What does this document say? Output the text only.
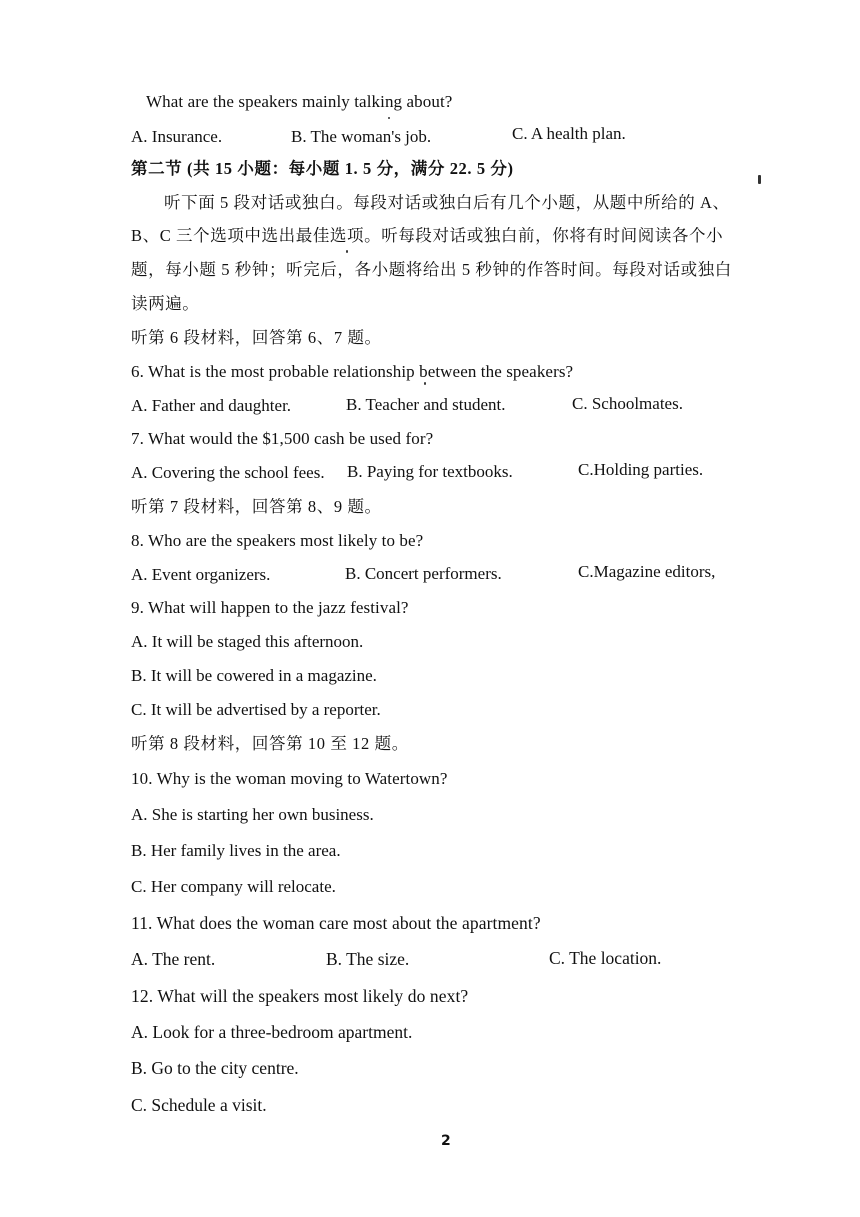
What are the speakers mainly talking about?
A. Insurance.	B. The woman's job.	C. A health plan.
第二节 (共 15 小题：每小题 1. 5 分，满分 22. 5 分)
听下面 5 段对话或独白。每段对话或独白后有几个小题，从题中所给的 A、
B、C 三个选项中选出最佳选项。听每段对话或独白前，你将有时间阅读各个小
题，每小题 5 秒钟；听完后，各小题将给出 5 秒钟的作答时间。每段对话或独白
读两遍。
听第 6 段材料，回答第 6、7 题。
6. What is the most probable relationship between the speakers?
A. Father and daughter.	B. Teacher and student.	C. Schoolmates.
7. What would the $1,500 cash be used for?
A. Covering the school fees. B. Paying for textbooks.	C.Holding parties.
听第 7 段材料，回答第 8、9 题。
8. Who are the speakers most likely to be?
A. Event organizers.	B. Concert performers.	C.Magazine editors,
9. What will happen to the jazz festival?
A. It will be staged this afternoon.
B. It will be cowered in a magazine.
C. It will be advertised by a reporter.
听第 8 段材料，回答第 10 至 12 题。
10. Why is the woman moving to Watertown?
A. She is starting her own business.
B. Her family lives in the area.
C. Her company will relocate.
11. What does the woman care most about the apartment?
A. The rent.	B. The size.	C. The location.
12. What will the speakers most likely do next?
A. Look for a three-bedroom apartment.
B. Go to the city centre.
C. Schedule a visit.
2
